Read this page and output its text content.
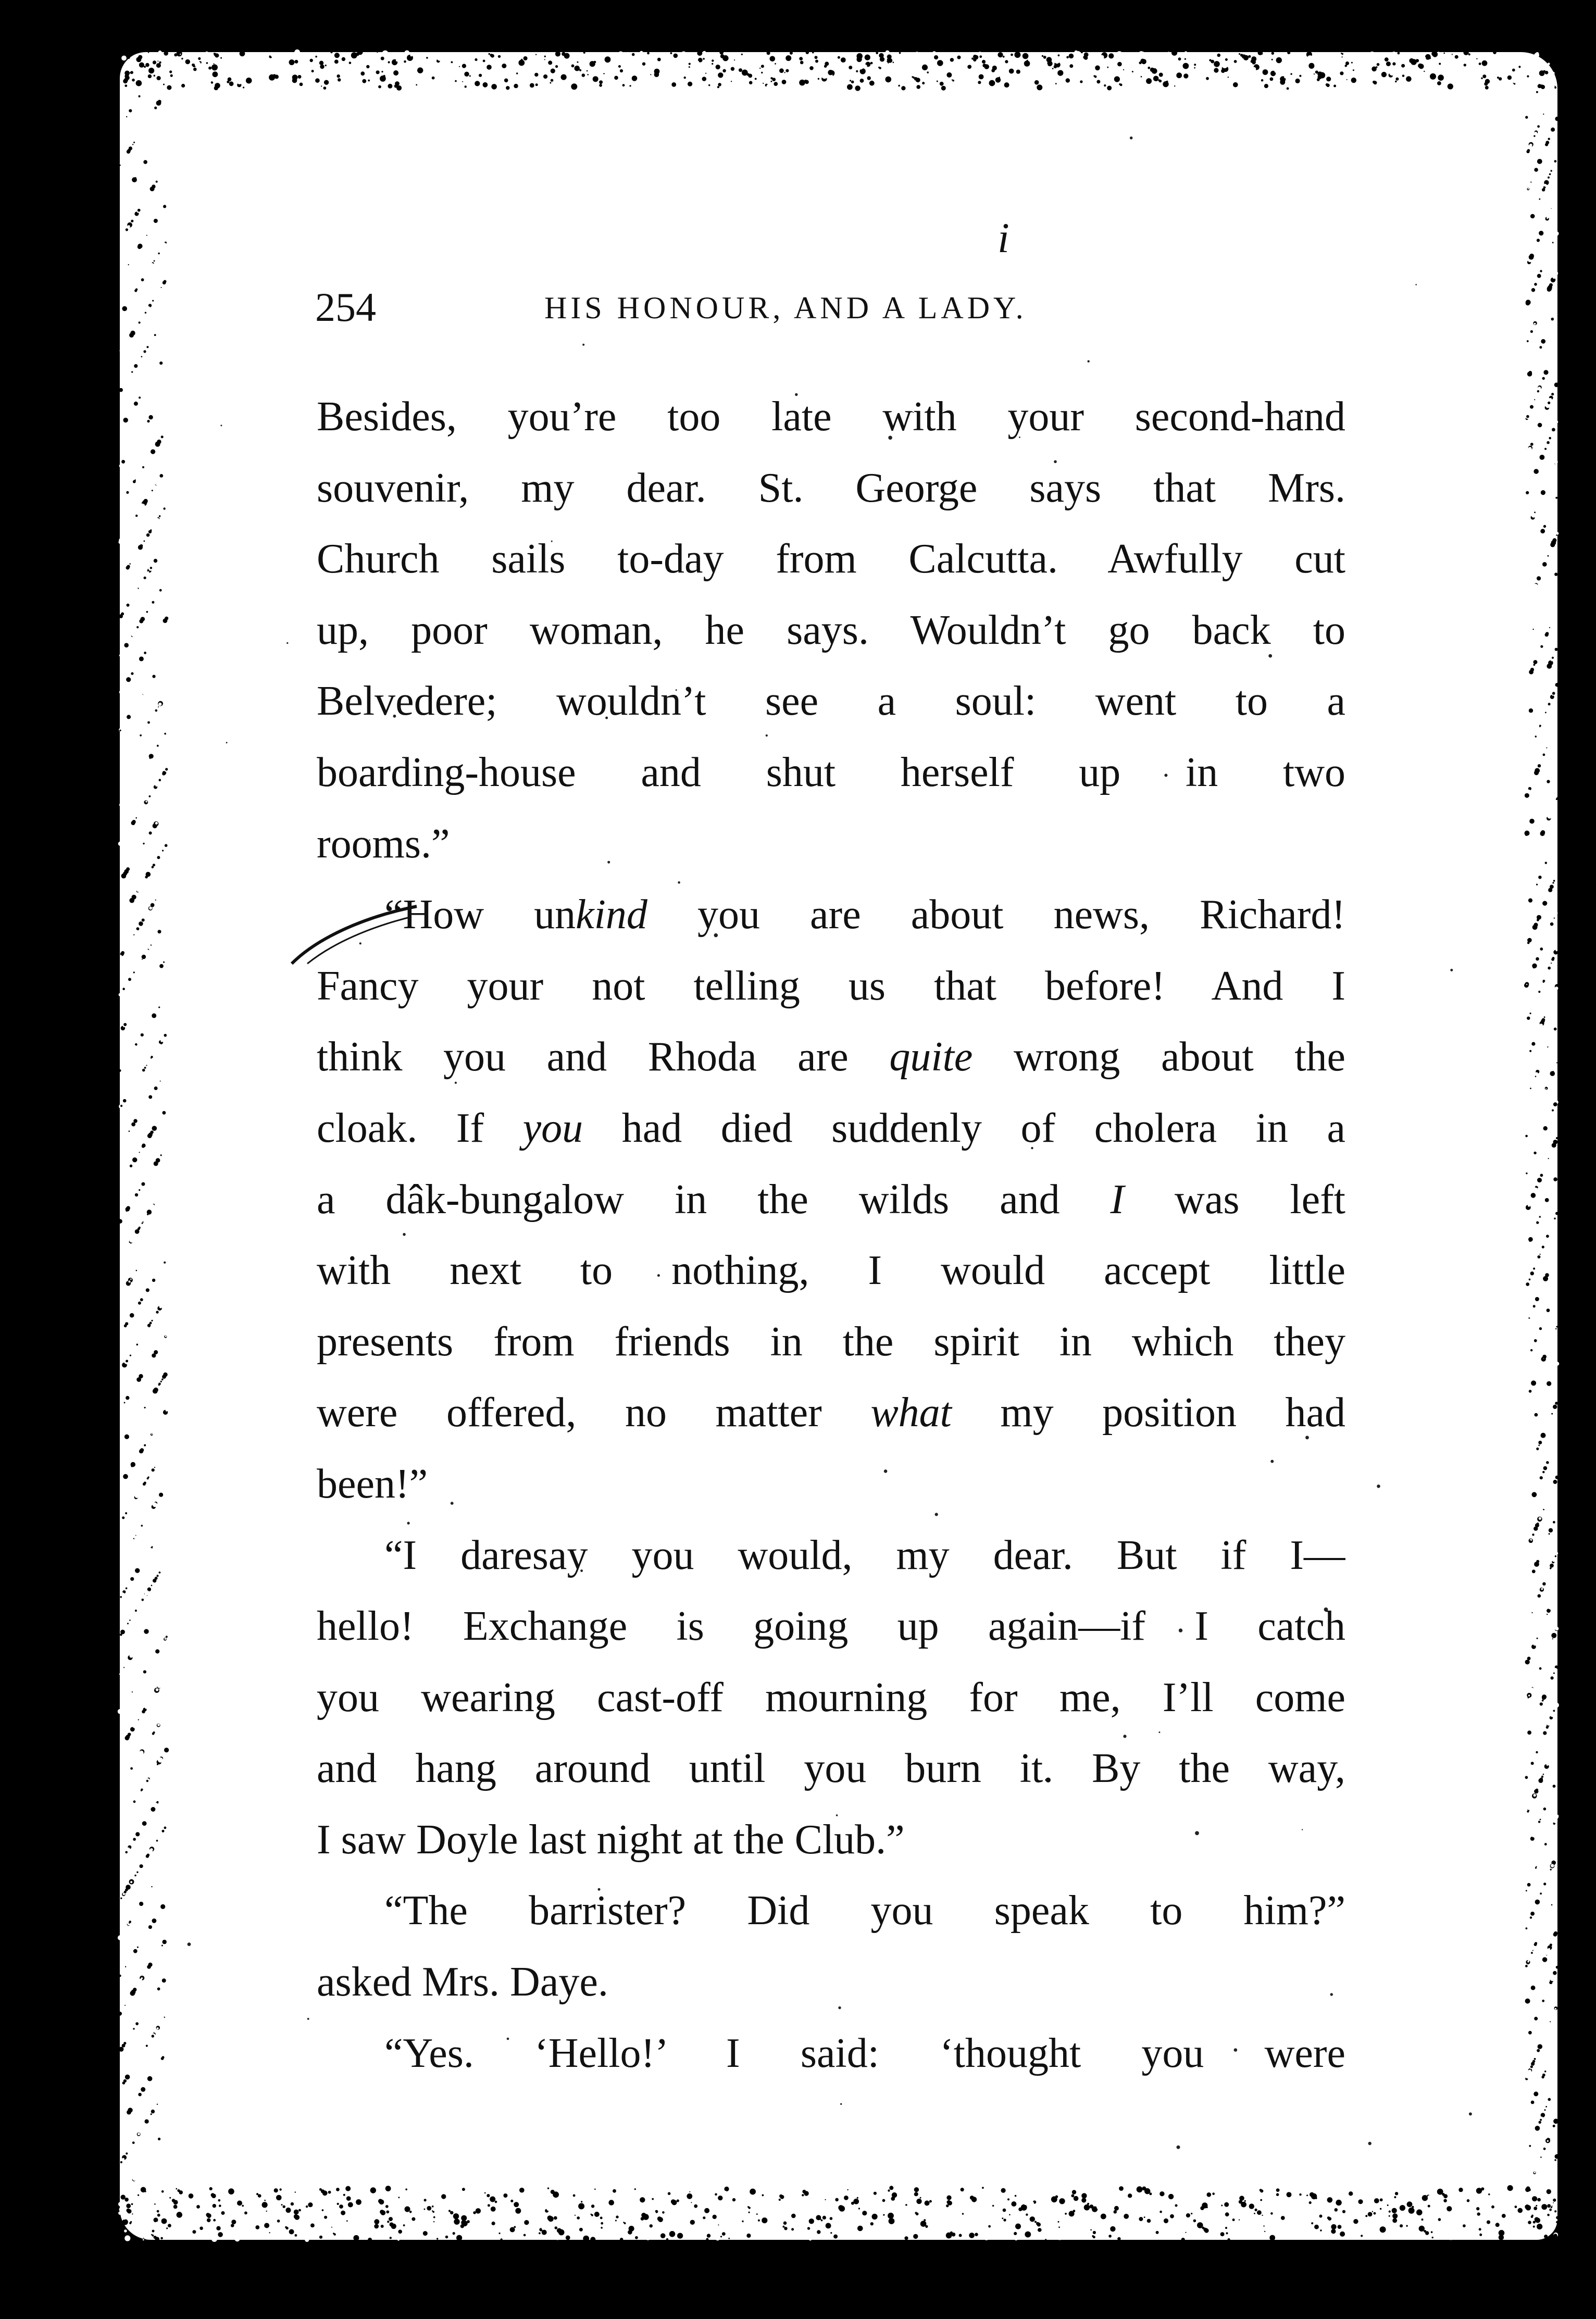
i
254	HIS HONOUR, AND A LADY.
Besides, you’re too late with your second-hand
souvenir, my dear. St. George says that Mrs.
Church sails to-day from Calcutta. Awfully cut
up, poor woman, he says. Wouldn’t go back to
Belvedere; wouldn’t see a soul: went to a
boarding-house and shut herself up in two
rooms.”
“How unkind you are about news, Richard!
Fancy your not telling us that before! And I
think you and Rhoda are quite wrong about the
cloak. If you had died suddenly of cholera in a
a dâk-bungalow in the wilds and I was left
with next to nothing, I would accept little
presents from friends in the spirit in which they
were offered, no matter what my position had
been!”
“I daresay you would, my dear. But if I—
hello! Exchange is going up again—if I catch
you wearing cast-off mourning for me, I’ll come
and hang around until you burn it. By the way,
I saw Doyle last night at the Club.”
“The barrister? Did you speak to him?”
asked Mrs. Daye.
“Yes. ‘Hello!’ I said: ‘thought you were
